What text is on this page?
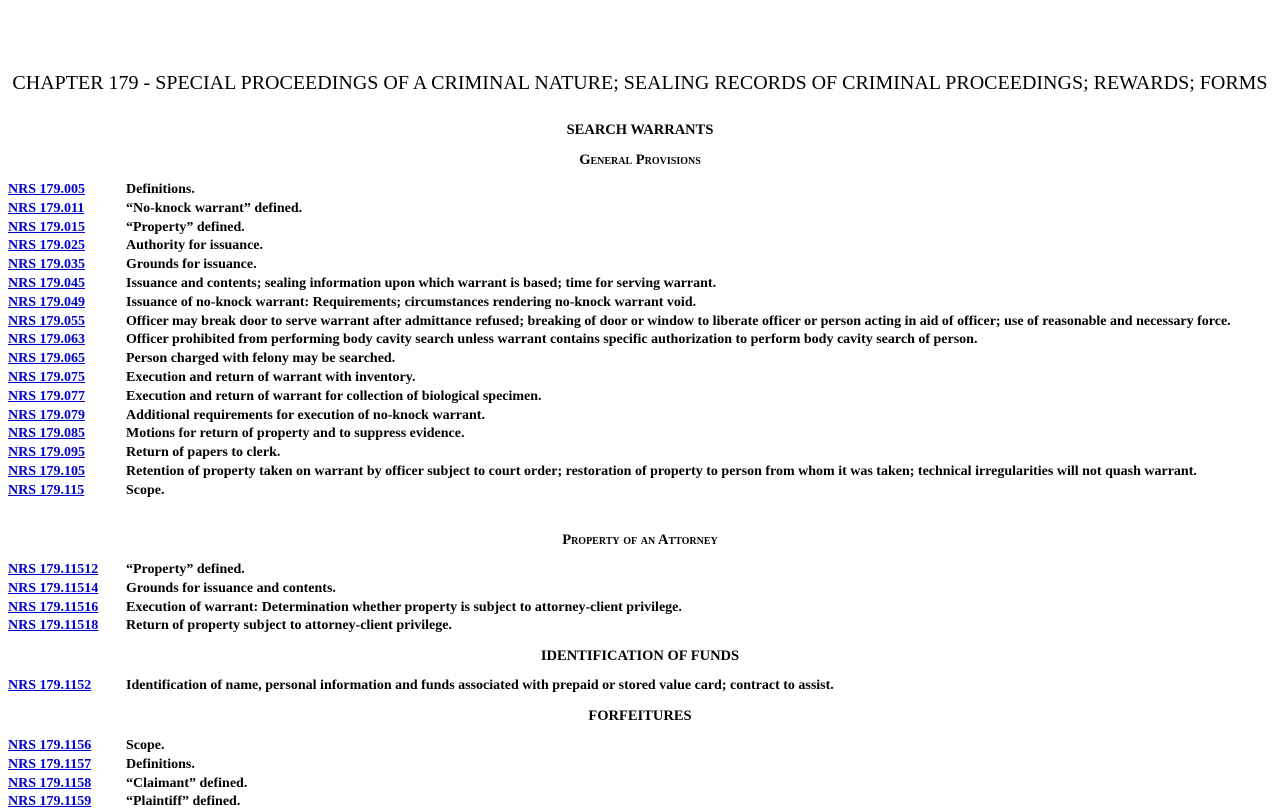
CHAPTER 179 - SPECIAL PROCEEDINGS OF A CRIMINAL NATURE; SEALING RECORDS OF CRIMINAL PROCEEDINGS; REWARDS; FORMS
SEARCH WARRANTS
General Provisions
NRS 179.005	Definitions.
NRS 179.011	“No-knock warrant” defined.
NRS 179.015	“Property” defined.
NRS 179.025	Authority for issuance.
NRS 179.035	Grounds for issuance.
NRS 179.045	Issuance and contents; sealing information upon which warrant is based; time for serving warrant.
NRS 179.049	Issuance of no-knock warrant: Requirements; circumstances rendering no-knock warrant void.
NRS 179.055	Officer may break door to serve warrant after admittance refused; breaking of door or window to liberate officer or person acting in aid of officer; use of reasonable and necessary force.
NRS 179.063	Officer prohibited from performing body cavity search unless warrant contains specific authorization to perform body cavity search of person.
NRS 179.065	Person charged with felony may be searched.
NRS 179.075	Execution and return of warrant with inventory.
NRS 179.077	Execution and return of warrant for collection of biological specimen.
NRS 179.079	Additional requirements for execution of no-knock warrant.
NRS 179.085	Motions for return of property and to suppress evidence.
NRS 179.095	Return of papers to clerk.
NRS 179.105	Retention of property taken on warrant by officer subject to court order; restoration of property to person from whom it was taken; technical irregularities will not quash warrant.
NRS 179.115	Scope.
Property of an Attorney
NRS 179.11512 “Property” defined.
NRS 179.11514 Grounds for issuance and contents.
NRS 179.11516 Execution of warrant: Determination whether property is subject to attorney-client privilege.
NRS 179.11518 Return of property subject to attorney-client privilege.
IDENTIFICATION OF FUNDS
NRS 179.1152 Identification of name, personal information and funds associated with prepaid or stored value card; contract to assist.
FORFEITURES
NRS 179.1156 Scope.
NRS 179.1157 Definitions.
NRS 179.1158 “Claimant” defined.
NRS 179.1159 “Plaintiff” defined.
